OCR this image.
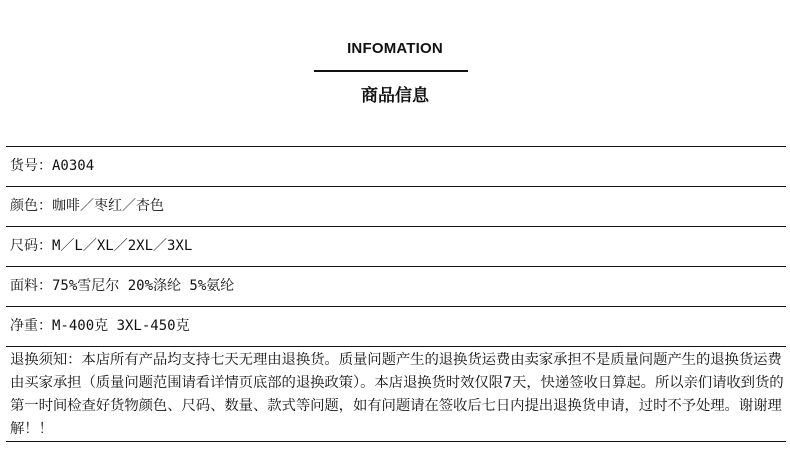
INFOMATION
商品信息
货号：A0304
颜色：咖啡／枣红／杏色
尺码：M／L／XL／2XL／3XL
面料：75%雪尼尔 20%涤纶 5%氨纶
净重：M-400克 3XL-450克
退换须知：本店所有产品均支持七天无理由退换货。质量问题产生的退换货运费由卖家承担不是质量问题产生的退换货运费由买家承担（质量问题范围请看详情页底部的退换政策）。本店退换货时效仅限7天，快递签收日算起。所以亲们请收到货的第一时间检查好货物颜色、尺码、数量、款式等问题，如有问题请在签收后七日内提出退换货申请，过时不予处理。谢谢理解！！
